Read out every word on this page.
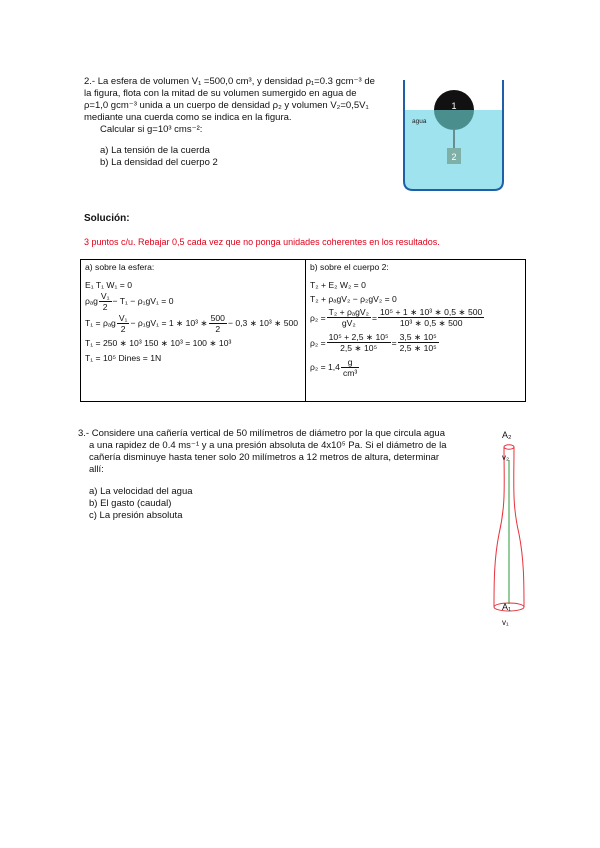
2.- La esfera de volumen V₁ =500,0 cm³, y densidad ρ₁=0.3 gcm⁻³ de
la figura, flota con la mitad de su volumen sumergido en agua de
ρ=1,0 gcm⁻³ unida a un cuerpo de densidad ρ₂ y volumen V₂=0,5V₁
mediante una cuerda como se indica en la figura.
Calcular si g=10³ cms⁻²:
a) La tensión de la cuerda
b) La densidad del cuerpo 2
1
2
agua
Solución:
3 puntos c/u. Rebajar 0,5 cada vez que no ponga unidades coherentes en los resultados.
a) sobre la esfera:
E₁ T₁ W₁ = 0
ρₐg $\frac{\text{V₁}}{2} - T_1 - \rho_1gV_1 = 0$
T₁ = ρₐg $\frac{\text{V₁}}{2} - \rho_1gV_1 = 1$ ∗ 10³ ∗ $\frac{500}{2} - 0,3$ ∗ 10³ ∗ 500
T₁ = 250 ∗ 10³ 150 ∗ 10³ = 100 ∗ 10³
T₁ = 10⁵ Dines = 1N

b) sobre el cuerpo 2:
T₂ + E₂ W₂ = 0
T₂ + ρₐgV₂ − ρ₂gV₂ = 0
$\rho_2 = \frac{\text{T₂ + ρₐgV₂}}{\text{gV₂}} = \frac{\text{10⁵ + 1 ∗ 10³ ∗ 0,5 ∗ 500}}{\text{10³ ∗ 0,5 ∗ 500}}$
$\rho_2 = \frac{\text{10⁵ + 2,5 ∗ 10⁵}}{\text{2,5 ∗ 10⁵}} = \frac{\text{3,5 ∗ 10⁵}}{\text{2,5 ∗ 10⁵}}$
$\rho_2 = 1,4 \frac{g}{\text{cm³}}$
3.- Considere una cañería vertical de 50 milímetros de diámetro por la que circula agua
a una rapidez de 0.4 ms⁻¹ y a una presión absoluta de 4x10⁵ Pa. Si el diámetro de la
cañería disminuye hasta tener solo 20 milímetros a 12 metros de altura, determinar
allí:
a) La velocidad del agua
b) El gasto (caudal)
c) La presión absoluta
A₂
v₂
A₁
v₁
